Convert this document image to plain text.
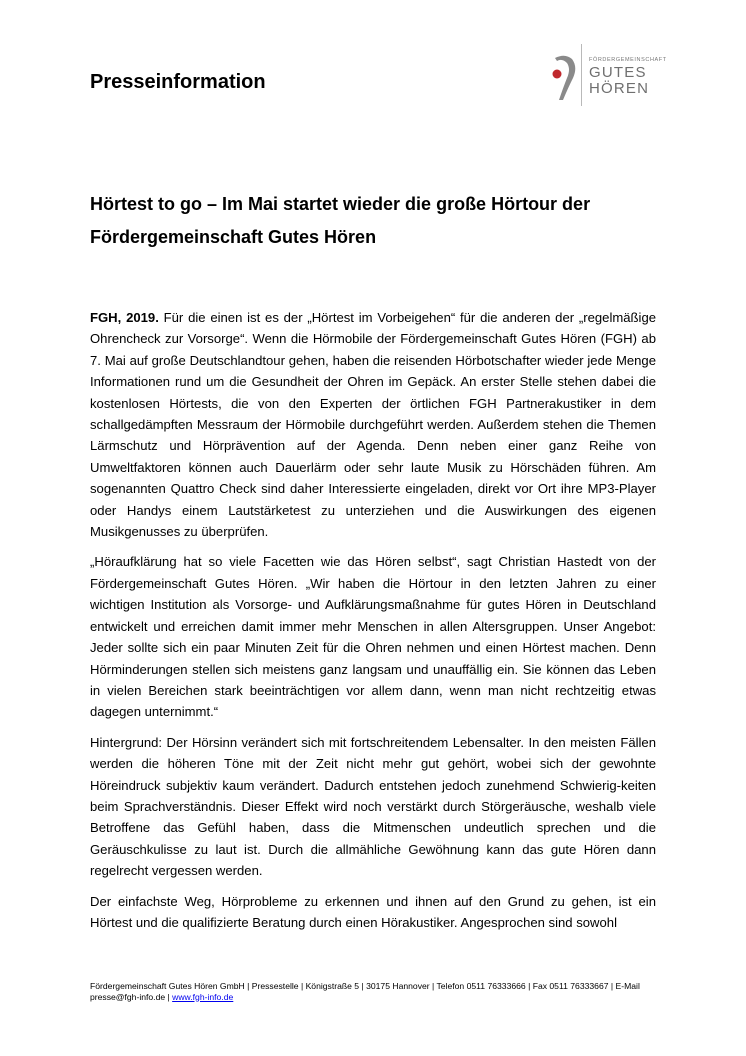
Presseinformation
FÖRDERGEMEINSCHAFT
GUTES
HÖREN
Hörtest to go – Im Mai startet wieder die große Hörtour der Fördergemeinschaft Gutes Hören

FGH, 2019. Für die einen ist es der „Hörtest im Vorbeigehen“ für die anderen der „regelmäßige Ohrencheck zur Vorsorge“. Wenn die Hörmobile der Fördergemeinschaft Gutes Hören (FGH) ab 7. Mai auf große Deutschlandtour gehen, haben die reisenden Hörbotschafter wieder jede Menge Informationen rund um die Gesundheit der Ohren im Gepäck. An erster Stelle stehen dabei die kostenlosen Hörtests, die von den Experten der örtlichen FGH Partnerakustiker in dem schallgedämpften Messraum der Hörmobile durchgeführt werden. Außerdem stehen die Themen Lärmschutz und Hörprävention auf der Agenda. Denn neben einer ganz Reihe von Umweltfaktoren können auch Dauerlärm oder sehr laute Musik zu Hörschäden führen. Am sogenannten Quattro Check sind daher Interessierte eingeladen, direkt vor Ort ihre MP3-Player oder Handys einem Lautstärketest zu unterziehen und die Auswirkungen des eigenen Musikgenusses zu überprüfen.

„Höraufklärung hat so viele Facetten wie das Hören selbst“, sagt Christian Hastedt von der Fördergemeinschaft Gutes Hören. „Wir haben die Hörtour in den letzten Jahren zu einer wichtigen Institution als Vorsorge- und Aufklärungsmaßnahme für gutes Hören in Deutschland entwickelt und erreichen damit immer mehr Menschen in allen Altersgruppen. Unser Angebot: Jeder sollte sich ein paar Minuten Zeit für die Ohren nehmen und einen Hörtest machen. Denn Hörminderungen stellen sich meistens ganz langsam und unauffällig ein. Sie können das Leben in vielen Bereichen stark beeinträchtigen vor allem dann, wenn man nicht rechtzeitig etwas dagegen unternimmt.“

Hintergrund: Der Hörsinn verändert sich mit fortschreitendem Lebensalter. In den meisten Fällen werden die höheren Töne mit der Zeit nicht mehr gut gehört, wobei sich der gewohnte Höreindruck subjektiv kaum verändert. Dadurch entstehen jedoch zunehmend Schwierig-keiten beim Sprachverständnis. Dieser Effekt wird noch verstärkt durch Störgeräusche, weshalb viele Betroffene das Gefühl haben, dass die Mitmenschen undeutlich sprechen und die Geräuschkulisse zu laut ist. Durch die allmähliche Gewöhnung kann das gute Hören dann regelrecht vergessen werden.

Der einfachste Weg, Hörprobleme zu erkennen und ihnen auf den Grund zu gehen, ist ein Hörtest und die qualifizierte Beratung durch einen Hörakustiker. Angesprochen sind sowohl

Fördergemeinschaft Gutes Hören GmbH | Pressestelle | Königstraße 5 | 30175 Hannover | Telefon 0511 76333666 | Fax 0511 76333667 | E-Mail presse@fgh-info.de | www.fgh-info.de
